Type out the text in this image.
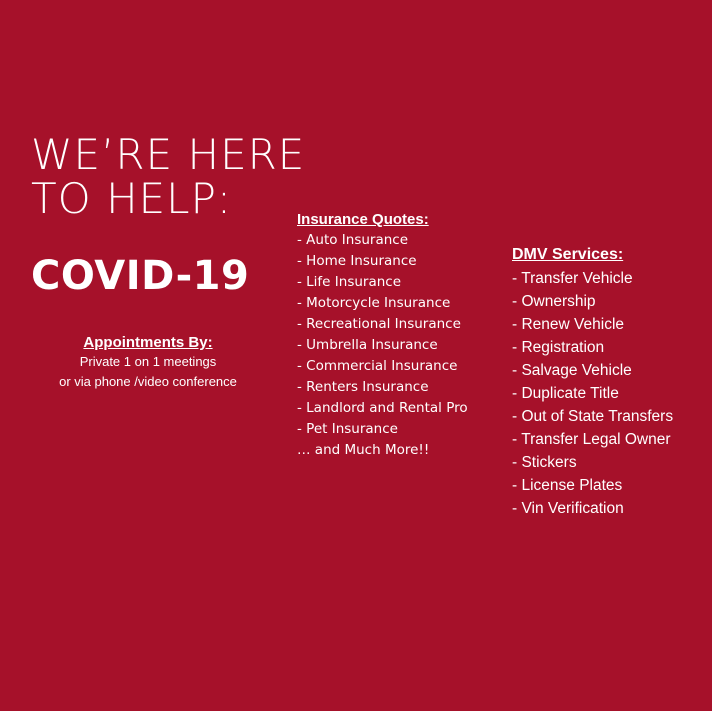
WE’RE HERE
TO HELP:
COVID-19
Appointments By:
Private 1 on 1 meetings
or via phone /video conference
Insurance Quotes:
- Auto Insurance
- Home Insurance
- Life Insurance
- Motorcycle Insurance
- Recreational Insurance
- Umbrella Insurance
- Commercial Insurance
- Renters Insurance
- Landlord and Rental Pro
- Pet Insurance
… and Much More!!
DMV Services:
- Transfer Vehicle
- Ownership
- Renew Vehicle
- Registration
- Salvage Vehicle
- Duplicate Title
- Out of State Transfers
- Transfer Legal Owner
- Stickers
- License Plates
- Vin Verification
